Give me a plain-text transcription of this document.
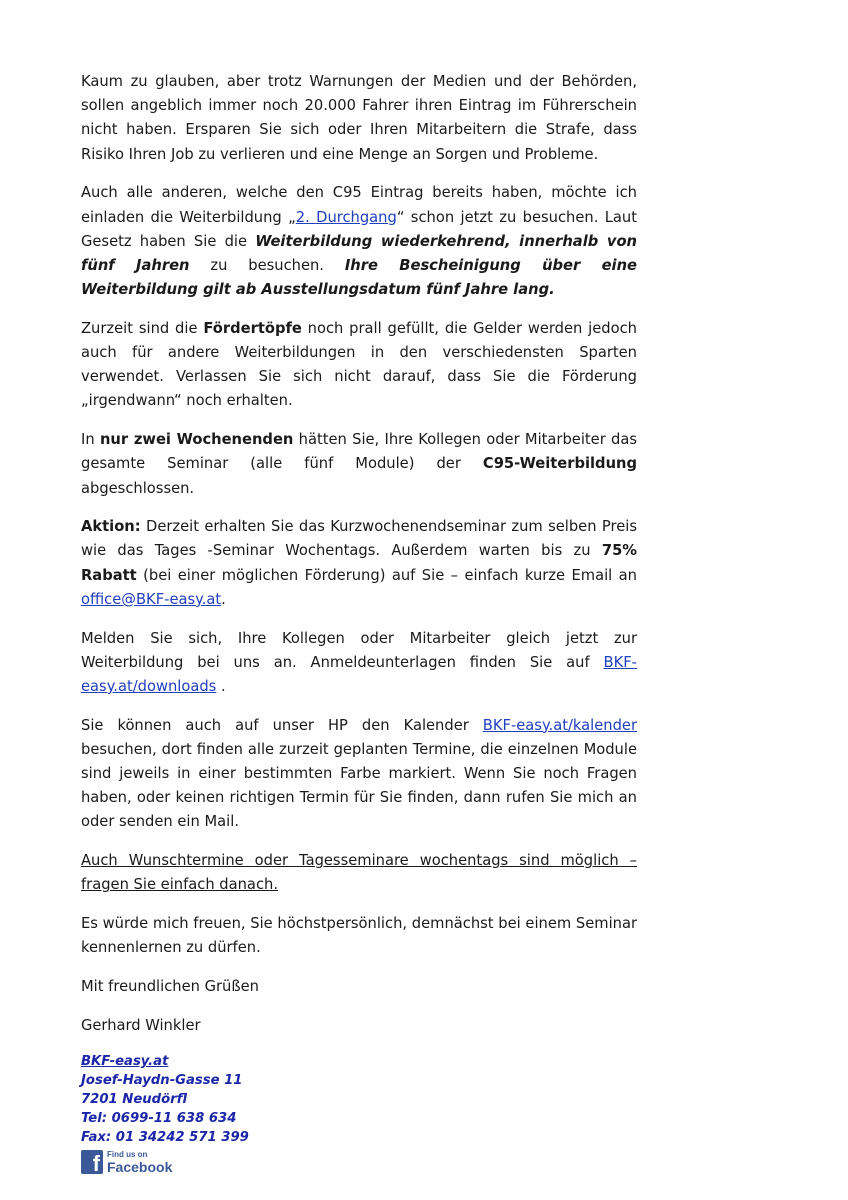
Kaum zu glauben, aber trotz Warnungen der Medien und der Behörden, sollen angeblich immer noch 20.000 Fahrer ihren Eintrag im Führerschein nicht haben. Ersparen Sie sich oder Ihren Mitarbeitern die Strafe, dass Risiko Ihren Job zu verlieren und eine Menge an Sorgen und Probleme.

Auch alle anderen, welche den C95 Eintrag bereits haben, möchte ich einladen die Weiterbildung „2. Durchgang“ schon jetzt zu besuchen. Laut Gesetz haben Sie die Weiterbildung wiederkehrend, innerhalb von fünf Jahren zu besuchen. Ihre Bescheinigung über eine Weiterbildung gilt ab Ausstellungsdatum fünf Jahre lang.

Zurzeit sind die Fördertöpfe noch prall gefüllt, die Gelder werden jedoch auch für andere Weiterbildungen in den verschiedensten Sparten verwendet. Verlassen Sie sich nicht darauf, dass Sie die Förderung „irgendwann“ noch erhalten.

In nur zwei Wochenenden hätten Sie, Ihre Kollegen oder Mitarbeiter das gesamte Seminar (alle fünf Module) der C95-Weiterbildung abgeschlossen.

Aktion: Derzeit erhalten Sie das Kurzwochenendseminar zum selben Preis wie das Tages -Seminar Wochentags. Außerdem warten bis zu 75% Rabatt (bei einer möglichen Förderung) auf Sie – einfach kurze Email an office@BKF-easy.at.

Melden Sie sich, Ihre Kollegen oder Mitarbeiter gleich jetzt zur Weiterbildung bei uns an. Anmeldeunterlagen finden Sie auf BKF-easy.at/downloads .

Sie können auch auf unser HP den Kalender BKF-easy.at/kalender besuchen, dort finden alle zurzeit geplanten Termine, die einzelnen Module sind jeweils in einer bestimmten Farbe markiert. Wenn Sie noch Fragen haben, oder keinen richtigen Termin für Sie finden, dann rufen Sie mich an oder senden ein Mail.

Auch Wunschtermine oder Tagesseminare wochentags sind möglich – fragen Sie einfach danach.

Es würde mich freuen, Sie höchstpersönlich, demnächst bei einem Seminar kennenlernen zu dürfen.

Mit freundlichen Grüßen

Gerhard Winkler

BKF-easy.at
Josef-Haydn-Gasse 11
7201 Neudörfl
Tel: 0699-11 638 634
Fax: 01 34242 571 399
f Find us on
Facebook
